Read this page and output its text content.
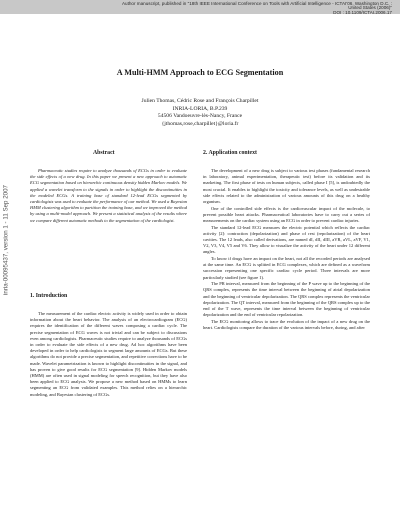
Author manuscript, published in "18th IEEE International Conference on Tools with Artificial Intelligence - ICTAI'06, Washington D.C. :
United States (2006)"
DOI : 10.1109/ICTAI.2006.17
inria-00095437, version 1 - 11 Sep 2007
A Multi-HMM Approach to ECG Segmentation
Julien Thomas, Cédric Rose and François Charpillet
INRIA-LORIA, B.P.239
54506 Vandoeuvre-lès-Nancy, France
{jthomas,rose,charpillet}@loria.fr
Abstract

Pharmaceutic studies require to analyze thousands of ECGs in order to evaluate the side effects of a new drug. In this paper we present a new approach to automatic ECG segmentation based on hierarchic continuous density hidden Markov models. We applied a wavelet transform to the signals in order to highlight the discontinuities in the modeled ECGs. A training base of standard 12-lead ECGs segmented by cardiologists was used to evaluate the performance of our method. We used a Bayesian HMM clustering algorithm to partition the training base, and we improved the method by using a multi-model approach. We present a statistical analysis of the results where we compare different automatic methods to the segmentation of the cardiologist.

1. Introduction

The measurement of the cardiac electric activity is widely used in order to obtain information about the heart behavior. The analysis of an electrocardiogram (ECG) requires the identification of the different waves composing a cardiac cycle. The precise segmentation of ECG waves is not trivial and can be subject to discussions even among cardiologists. Pharmaceutic studies require to analyze thousands of ECGs in order to evaluate the side effects of a new drug. Ad hoc algorithms have been developed in order to help cardiologists to segment large amounts of ECGs. But these algorithms do not provide a precise segmentation, and repetitive corrections have to be made. Wavelet parametrization is known to highlight discontinuities in the signal, and has proven to give good results for ECG segmentation [9]. Hidden Markov models (HMM) are often used in signal modeling for speech recognition, but they have also been applied to ECG analysis. We propose a new method based on HMMs to learn segmenting an ECG from validated examples. This method relies on a hierarchic modeling, and Bayesian clustering of ECGs.

2. Application context

The development of a new drug is subject to various test phases (fundamental research in laboratory, animal experimentation, therapeutic test) before its validation and its marketing. The first phase of tests on human subjects, called phase I [5], is undoubtedly the most crucial. It enables to highlight the toxicity and tolerance levels, as well as undesirable side effects related to the administration of various amounts of this drug on a healthy organism.

One of the controlled side effects is the cardiovascular impact of the molecule, to prevent possible heart attacks. Pharmaceutical laboratories have to carry out a series of measurements on the cardiac system using an ECG in order to prevent cardiac injuries.

The standard 12-lead ECG measures the electric potential which reflects the cardiac activity [2]: contraction (depolarization) and phase of rest (repolarization) of the heart cavities. The 12 leads, also called derivations, are named dI, dII, dIII, aVR, aVL, aVF, V1, V2, V3, V4, V5 and V6. They allow to visualize the activity of the heart under 12 different angles.

To know if drugs have an impact on the heart, not all the recorded periods are analysed at the same time. An ECG is splitted in ECG complexes, which are defined as a waveform succession representing one specific cardiac cycle period. Three intervals are more particularly studied (see figure 1).

The PR interval, measured from the beginning of the P wave up to the beginning of the QRS complex, represents the time interval between the beginning of atrial depolarization and the beginning of ventricular depolarization. The QRS complex represents the ventricular depolarization. The QT interval, measured from the beginning of the QRS complex up to the end of the T wave, represents the time interval between the beginning of ventricular depolarization and the end of ventricular repolarization.

The ECG monitoring allows to trace the evolution of the impact of a new drug on the heart. Cardiologists compare the duration of the various intervals before, during, and after
